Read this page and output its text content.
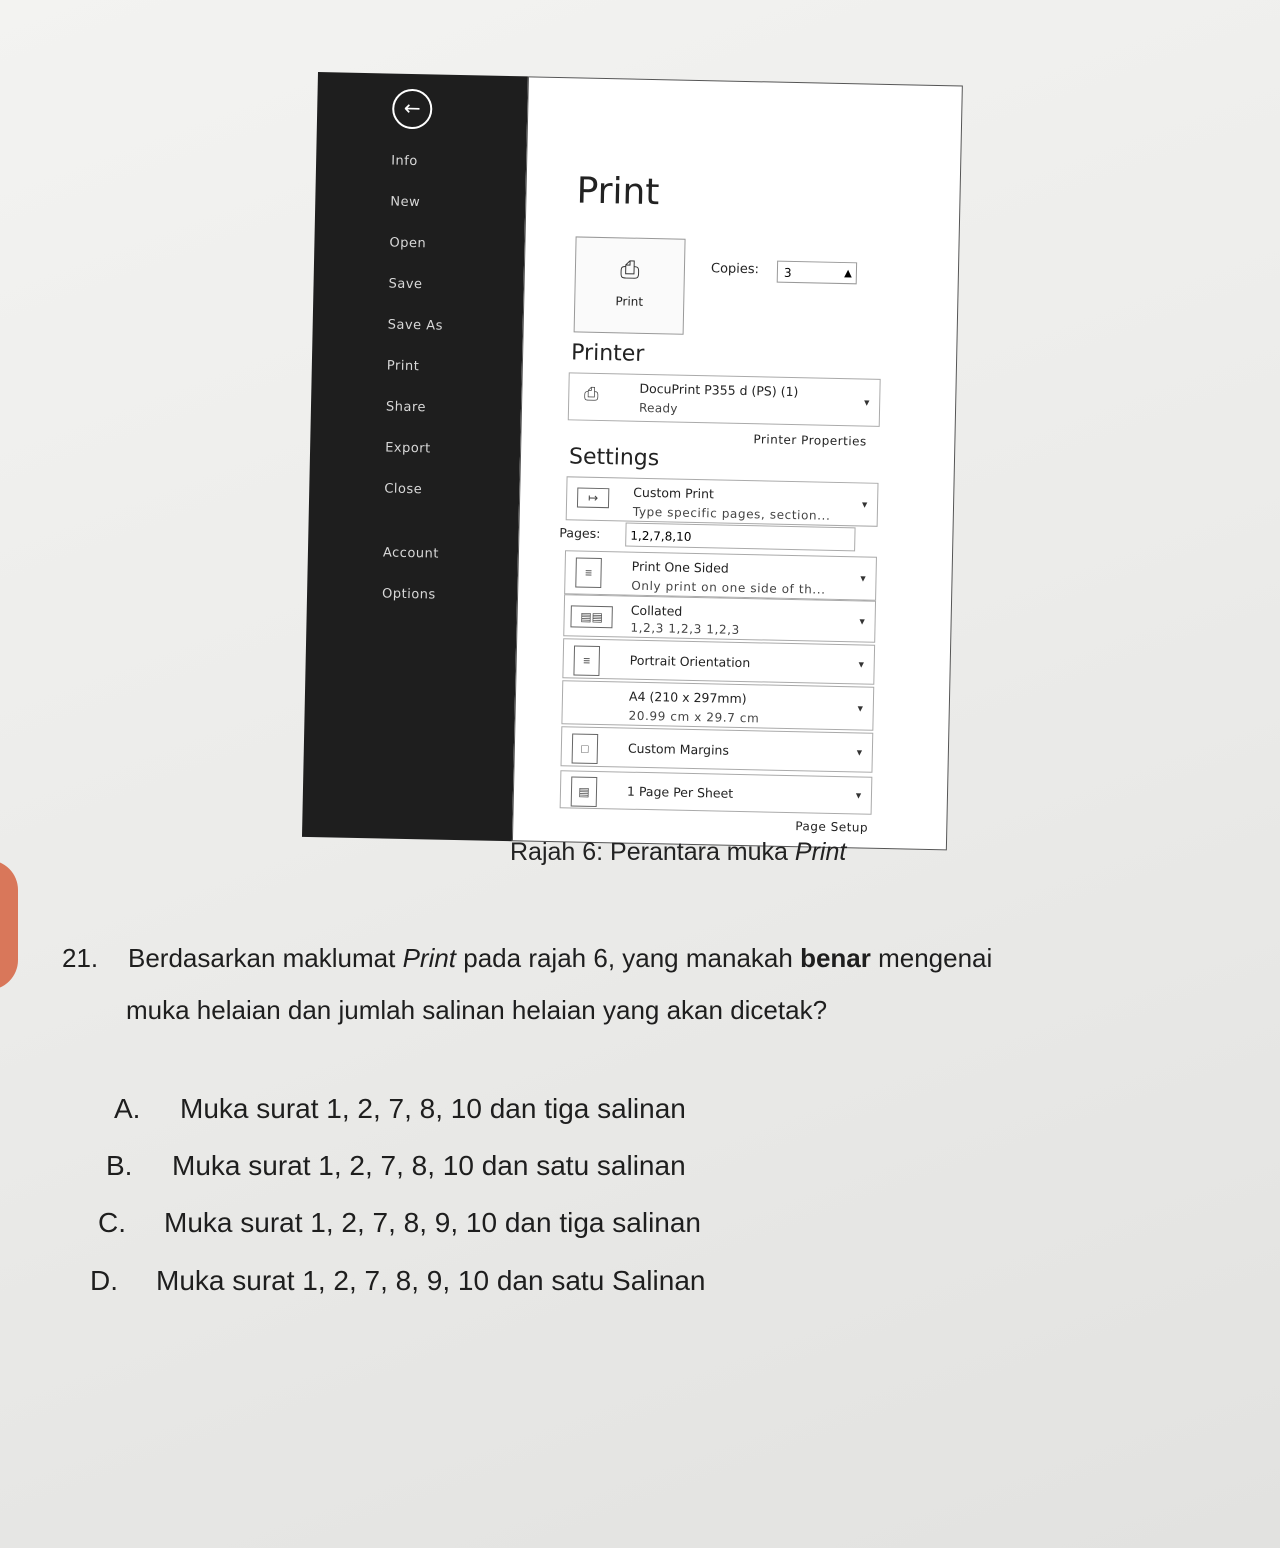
←
Info
New
Open
Save
Save As
Print
Share
Export
Close
Account
Options
Print
⎙
Print
Copies:	3	▲

Printer
⎙	DocuPrint P355 d (PS) (1)
Ready	▼
Printer Properties
Settings
↦	Custom Print
Type specific pages, section...
▼
Pages:	1,2,7,8,10
≡	Print One Sided
Only print on one side of th...
▼
▤▤	Collated
1,2,3 1,2,3 1,2,3	▼
≡	Portrait Orientation	▼
A4 (210 x 297mm)
20.99 cm x 29.7 cm
▼
□	Custom Margins	▼
▤	1 Page Per Sheet	▼
Page Setup
Rajah 6: Perantara muka Print
21. Berdasarkan maklumat Print pada rajah 6, yang manakah benar mengenai
muka helaian dan jumlah salinan helaian yang akan dicetak?
A. Muka surat 1, 2, 7, 8, 10 dan tiga salinan
B. Muka surat 1, 2, 7, 8, 10 dan satu salinan
C. Muka surat 1, 2, 7, 8, 9, 10 dan tiga salinan
D. Muka surat 1, 2, 7, 8, 9, 10 dan satu Salinan
